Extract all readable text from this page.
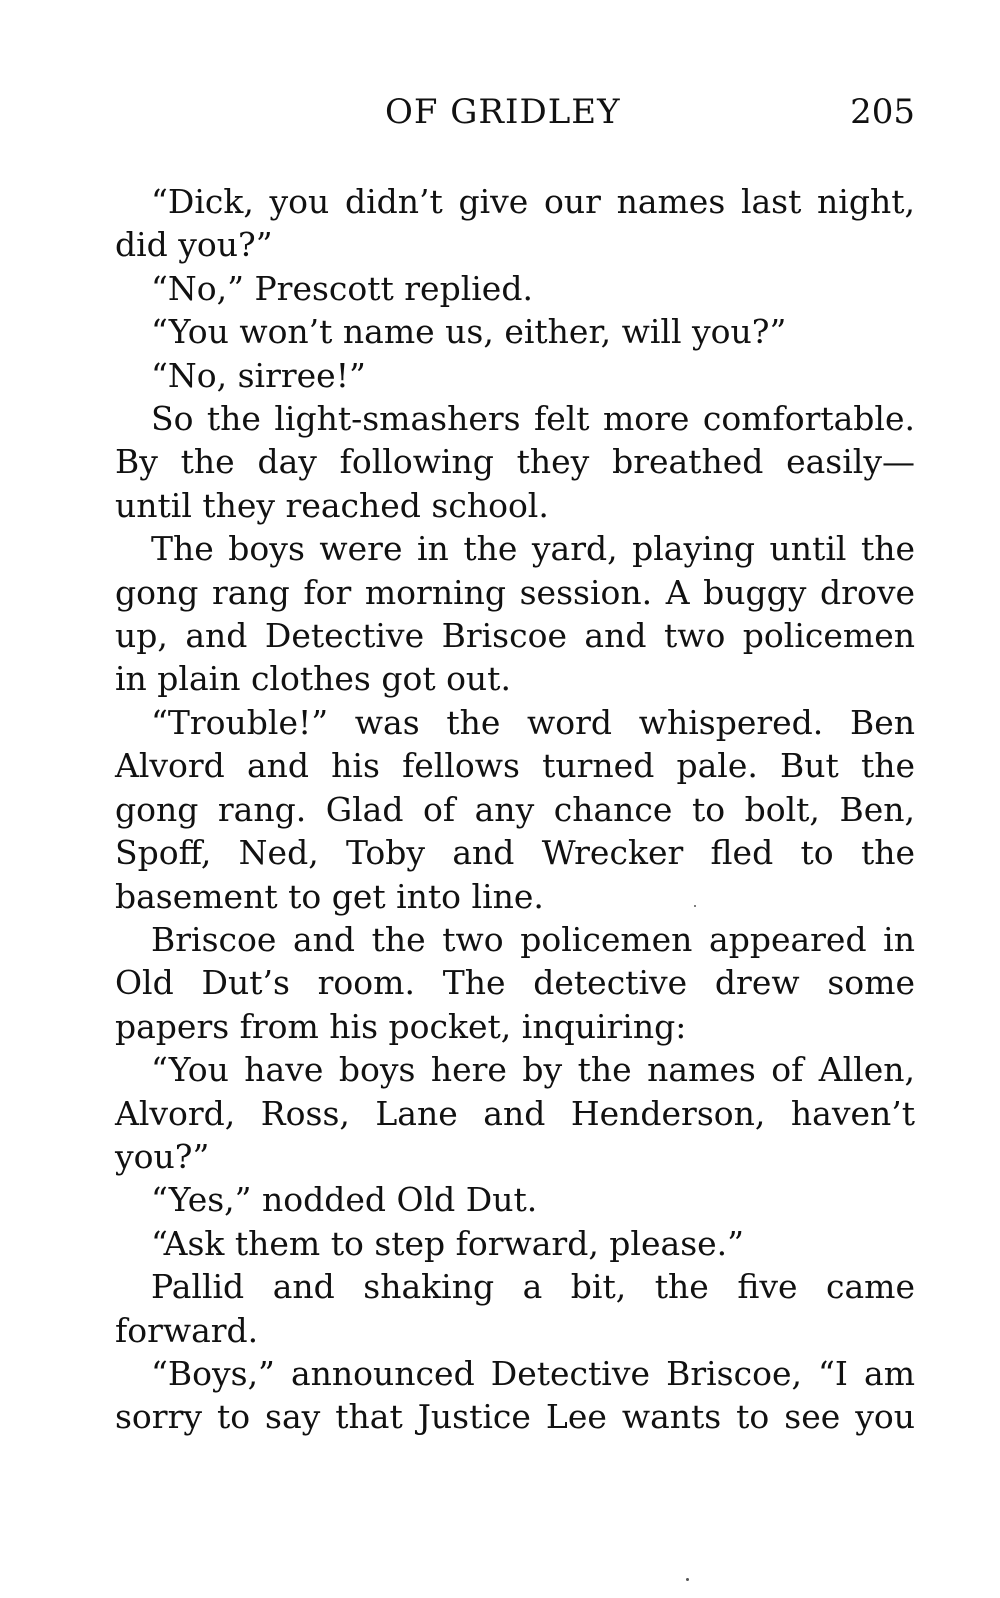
OF GRIDLEY	205

“Dick, you didn’t give our names last night, did you?”

“No,” Prescott replied.

“You won’t name us, either, will you?”

“No, sirree!”

So the light-smashers felt more comfortable. By the day following they breathed easily—until they reached school.

The boys were in the yard, playing until the gong rang for morning session. A buggy drove up, and Detective Briscoe and two policemen in plain clothes got out.

“Trouble!” was the word whispered. Ben Alvord and his fellows turned pale. But the gong rang. Glad of any chance to bolt, Ben, Spoff, Ned, Toby and Wrecker fled to the basement to get into line.

Briscoe and the two policemen appeared in Old Dut’s room. The detective drew some papers from his pocket, inquiring:

“You have boys here by the names of Allen, Alvord, Ross, Lane and Henderson, haven’t you?”

“Yes,” nodded Old Dut.

“Ask them to step forward, please.”

Pallid and shaking a bit, the five came forward.

“Boys,” announced Detective Briscoe, “I am sorry to say that Justice Lee wants to see you
